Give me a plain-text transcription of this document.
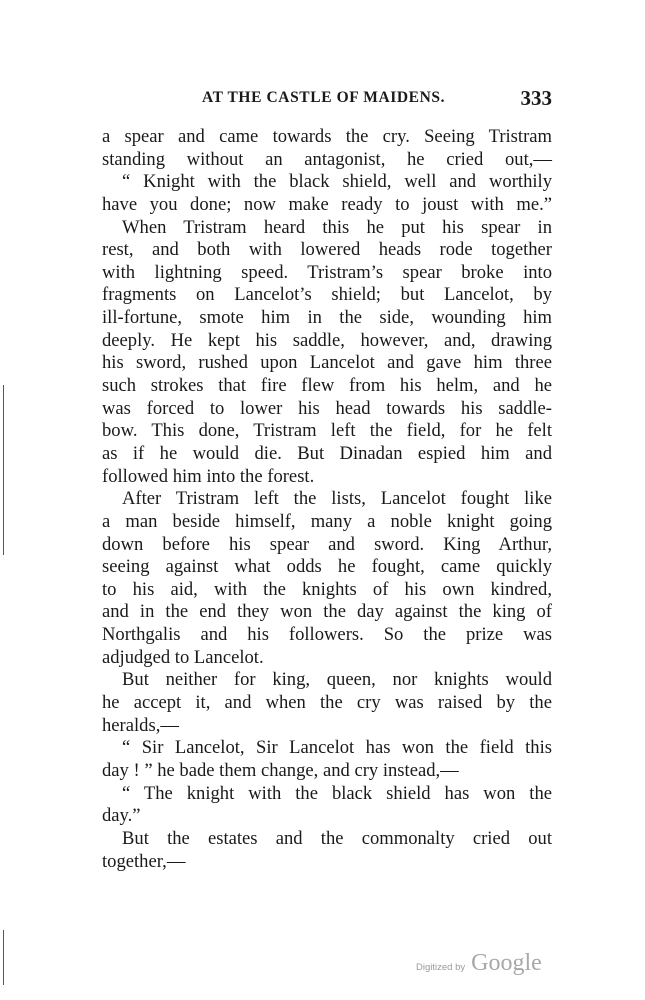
AT THE CASTLE OF MAIDENS.	333
a spear and came towards the cry. Seeing Tristram
standing without an antagonist, he cried out,—
“ Knight with the black shield, well and worthily
have you done; now make ready to joust with me.”
When Tristram heard this he put his spear in
rest, and both with lowered heads rode together
with lightning speed. Tristram’s spear broke into
fragments on Lancelot’s shield; but Lancelot, by
ill-fortune, smote him in the side, wounding him
deeply. He kept his saddle, however, and, drawing
his sword, rushed upon Lancelot and gave him three
such strokes that fire flew from his helm, and he
was forced to lower his head towards his saddle-
bow. This done, Tristram left the field, for he felt
as if he would die. But Dinadan espied him and
followed him into the forest.
After Tristram left the lists, Lancelot fought like
a man beside himself, many a noble knight going
down before his spear and sword. King Arthur,
seeing against what odds he fought, came quickly
to his aid, with the knights of his own kindred,
and in the end they won the day against the king of
Northgalis and his followers. So the prize was
adjudged to Lancelot.
But neither for king, queen, nor knights would
he accept it, and when the cry was raised by the
heralds,—
“ Sir Lancelot, Sir Lancelot has won the field this
day ! ” he bade them change, and cry instead,—
“ The knight with the black shield has won the
day.”
But the estates and the commonalty cried out
together,—
Digitized by Google
